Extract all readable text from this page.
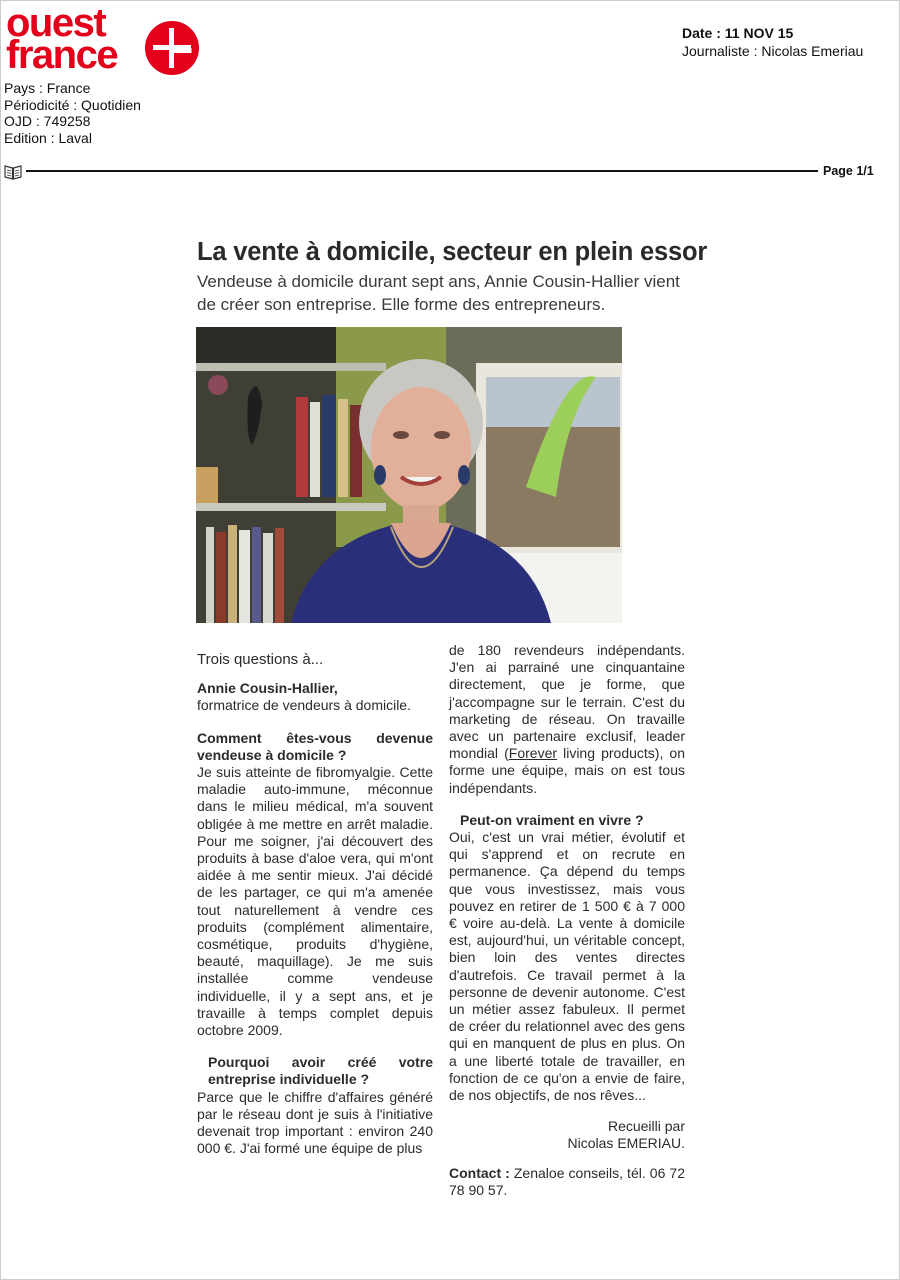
ouest
france	Date : 11 NOV 15
Journaliste : Nicolas Emeriau
Pays : France
Périodicité : Quotidien
OJD : 749258
Edition : Laval
Page 1/1
La vente à domicile, secteur en plein essor
Vendeuse à domicile durant sept ans, Annie Cousin-Hallier vient de créer son entreprise. Elle forme des entrepreneurs.
Trois questions à...
Annie Cousin-Hallier,
formatrice de vendeurs à domicile.

Comment êtes-vous devenue vendeuse à domicile ?

Je suis atteinte de fibromyalgie. Cette maladie auto-immune, méconnue dans le milieu médical, m'a souvent obligée à me mettre en arrêt maladie. Pour me soigner, j'ai découvert des produits à base d'aloe vera, qui m'ont aidée à me sentir mieux. J'ai décidé de les partager, ce qui m'a amenée tout naturellement à vendre ces produits (complément alimentaire, cosmétique, produits d'hygiène, beauté, maquillage). Je me suis installée comme vendeuse individuelle, il y a sept ans, et je travaille à temps complet depuis octobre 2009.

Pourquoi avoir créé votre entreprise individuelle ?

Parce que le chiffre d'affaires généré par le réseau dont je suis à l'initiative devenait trop important : environ 240 000 €. J'ai formé une équipe de plus

de 180 revendeurs indépendants. J'en ai parrainé une cinquantaine directement, que je forme, que j'accompagne sur le terrain. C'est du marketing de réseau. On travaille avec un partenaire exclusif, leader mondial (Forever living products), on forme une équipe, mais on est tous indépendants.

Peut-on vraiment en vivre ?

Oui, c'est un vrai métier, évolutif et qui s'apprend et on recrute en permanence. Ça dépend du temps que vous investissez, mais vous pouvez en retirer de 1 500 € à 7 000 € voire au-delà. La vente à domicile est, aujourd'hui, un véritable concept, bien loin des ventes directes d'autrefois. Ce travail permet à la personne de devenir autonome. C'est un métier assez fabuleux. Il permet de créer du relationnel avec des gens qui en manquent de plus en plus. On a une liberté totale de travailler, en fonction de ce qu'on a envie de faire, de nos objectifs, de nos rêves...

Recueilli par
Nicolas EMERIAU.

Contact : Zenaloe conseils, tél. 06 72 78 90 57.
